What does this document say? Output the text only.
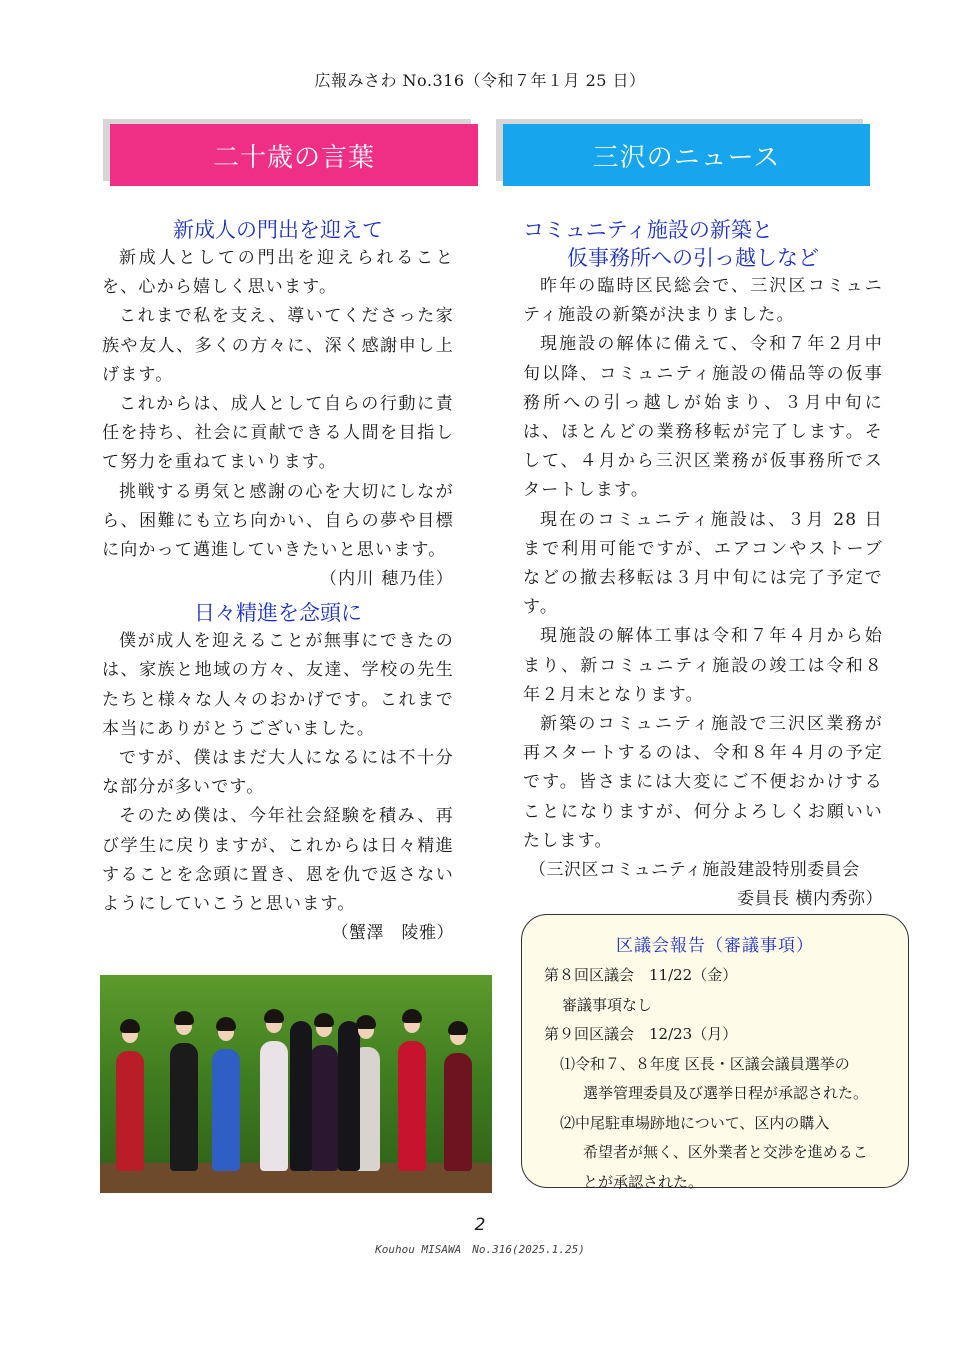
広報みさわ No.316（令和７年１月 25 日）
二十歳の言葉	三沢のニュース
新成人の門出を迎えて

新成人としての門出を迎えられることを、心から嬉しく思います。

これまで私を支え、導いてくださった家族や友人、多くの方々に、深く感謝申し上げます。

これからは、成人として自らの行動に責任を持ち、社会に貢献できる人間を目指して努力を重ねてまいります。

挑戦する勇気と感謝の心を大切にしながら、困難にも立ち向かい、自らの夢や目標に向かって邁進していきたいと思います。
（内川 穂乃佳）

日々精進を念頭に

僕が成人を迎えることが無事にできたのは、家族と地域の方々、友達、学校の先生たちと様々な人々のおかげです。これまで本当にありがとうございました。

ですが、僕はまだ大人になるには不十分な部分が多いです。

そのため僕は、今年社会経験を積み、再び学生に戻りますが、これからは日々精進することを念頭に置き、恩を仇で返さないようにしていこうと思います。

（蟹澤　陵雅）
コミュニティ施設の新築と
仮事務所への引っ越しなど

昨年の臨時区民総会で、三沢区コミュニティ施設の新築が決まりました。

現施設の解体に備えて、令和７年２月中旬以降、コミュニティ施設の備品等の仮事務所への引っ越しが始まり、３月中旬には、ほとんどの業務移転が完了します。そして、４月から三沢区業務が仮事務所でスタートします。

現在のコミュニティ施設は、３月 28 日まで利用可能ですが、エアコンやストーブなどの撤去移転は３月中旬には完了予定です。

現施設の解体工事は令和７年４月から始まり、新コミュニティ施設の竣工は令和８年２月末となります。

新築のコミュニティ施設で三沢区業務が再スタートするのは、令和８年４月の予定です。皆さまには大変にご不便おかけすることになりますが、何分よろしくお願いいたします。

（三沢区コミュニティ施設建設特別委員会
委員長 横内秀弥）
区議会報告（審議事項）
第８回区議会　11/22（金）
審議事項なし
第９回区議会　12/23（月）
⑴令和７、８年度 区長・区議会議員選挙の
選挙管理委員及び選挙日程が承認された。
⑵中尾駐車場跡地について、区内の購入
希望者が無く、区外業者と交渉を進めるこ
とが承認された。
2
Kouhou MISAWA　No.316(2025.1.25)
